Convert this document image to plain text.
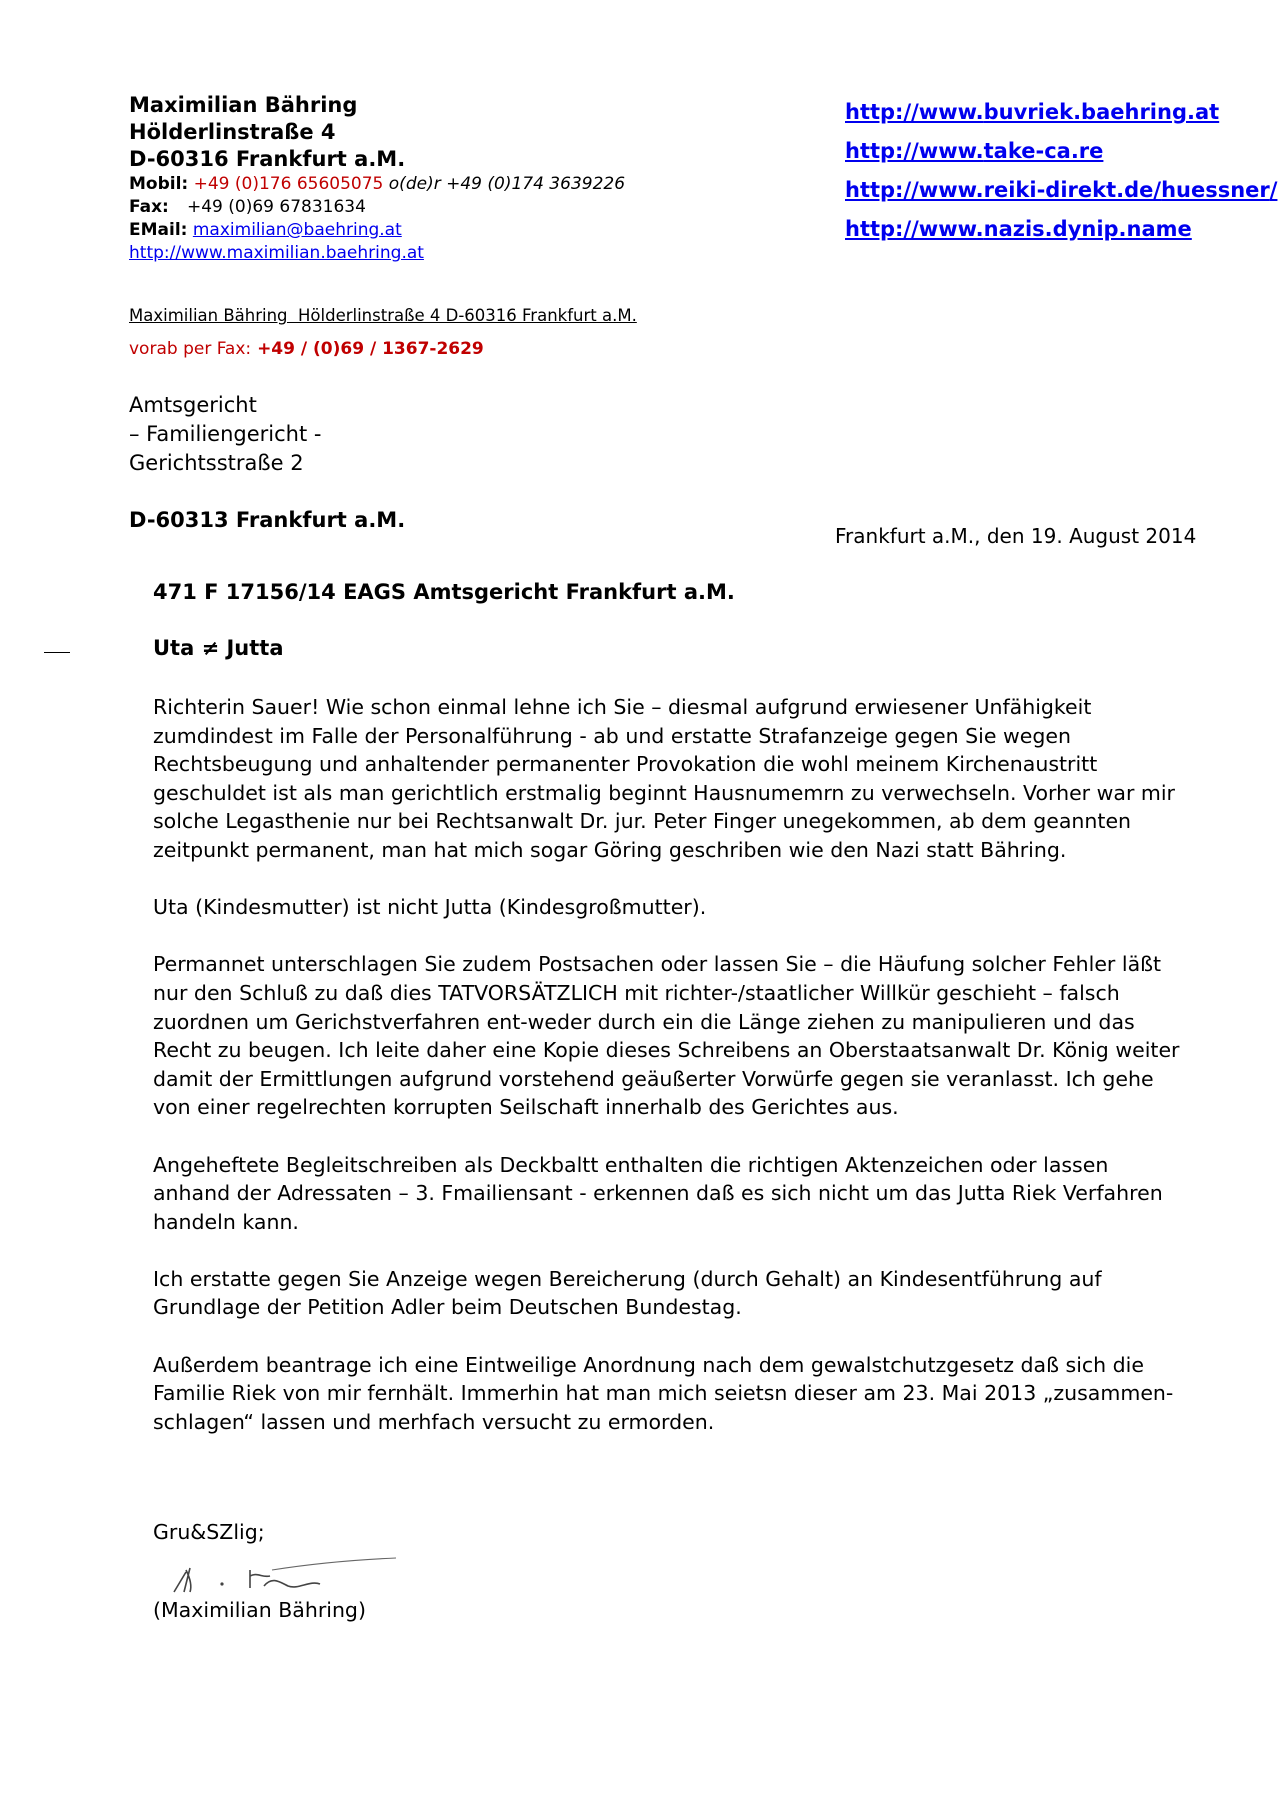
Maximilian Bähring
Hölderlinstraße 4
D-60316 Frankfurt a.M.
Mobil: +49 (0)176 65605075 o(de)r +49 (0)174 3639226
Fax: +49 (0)69 67831634
EMail: maximilian@baehring.at
http://www.maximilian.baehring.at
http://www.buvriek.baehring.at
http://www.take-ca.re
http://www.reiki-direkt.de/huessner/
http://www.nazis.dynip.name
Maximilian Bähring  Hölderlinstraße 4 D-60316 Frankfurt a.M.
vorab per Fax: +49 / (0)69 / 1367-2629
Amtsgericht
– Familiengericht -
Gerichtsstraße 2
D-60313 Frankfurt a.M.
Frankfurt a.M., den 19. August 2014
471 F 17156/14 EAGS Amtsgericht Frankfurt a.M.
Uta ≠ Jutta

Richterin Sauer! Wie schon einmal lehne ich Sie – diesmal aufgrund erwiesener Unfähigkeit zumdindest im Falle der Personalführung - ab und erstatte Strafanzeige gegen Sie wegen Rechtsbeugung und anhaltender permanenter Provokation die wohl meinem Kirchenaustritt geschuldet ist als man gerichtlich erstmalig beginnt Hausnumemrn zu verwechseln. Vorher war mir solche Legasthenie nur bei Rechtsanwalt Dr. jur. Peter Finger unegekommen, ab dem geannten zeitpunkt permanent, man hat mich sogar Göring geschriben wie den Nazi statt Bähring.

Uta (Kindesmutter) ist nicht Jutta (Kindesgroßmutter).

Permannet unterschlagen Sie zudem Postsachen oder lassen Sie – die Häufung solcher Fehler läßt nur den Schluß zu daß dies TATVORSÄTZLICH mit richter-/staatlicher Willkür geschieht – falsch zuordnen um Gerichstverfahren ent-weder durch ein die Länge ziehen zu manipulieren und das Recht zu beugen. Ich leite daher eine Kopie dieses Schreibens an Oberstaatsanwalt Dr. König weiter damit der Ermittlungen aufgrund vorstehend geäußerter Vorwürfe gegen sie veranlasst. Ich gehe von einer regelrechten korrupten Seilschaft innerhalb des Gerichtes aus.

Angeheftete Begleitschreiben als Deckbaltt enthalten die richtigen Aktenzeichen oder lassen anhand der Adressaten – 3. Fmailiensant - erkennen daß es sich nicht um das Jutta Riek Verfahren handeln kann.

Ich erstatte gegen Sie Anzeige wegen Bereicherung (durch Gehalt) an Kindesentführung auf Grundlage der Petition Adler beim Deutschen Bundestag.

Außerdem beantrage ich eine Eintweilige Anordnung nach dem gewalstchutzgesetz daß sich die Familie Riek von mir fernhält. Immerhin hat man mich seietsn dieser am 23. Mai 2013 „zusammen-schlagen“ lassen und merhfach versucht zu ermorden.

Gru&SZlig;
(Maximilian Bähring)
